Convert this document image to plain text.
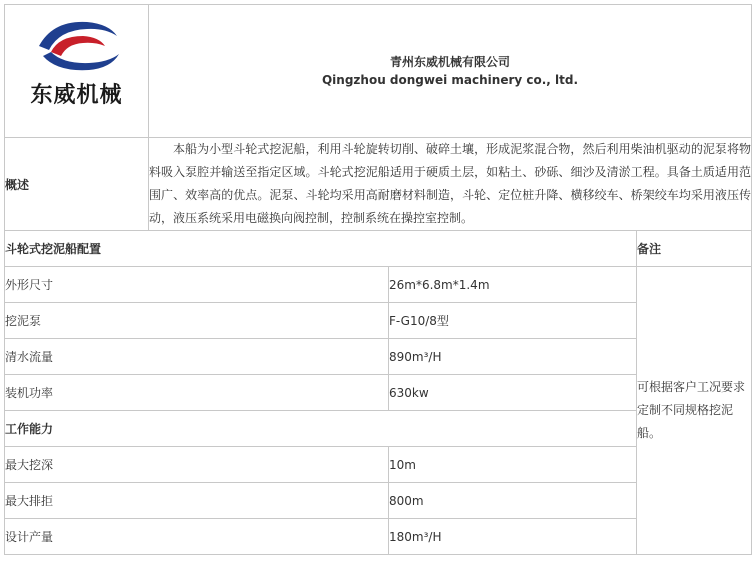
东威机械	青州东威机械有限公司
Qingzhou dongwei machinery co., ltd.		

概述	本船为小型斗轮式挖泥船，利用斗轮旋转切削、破碎土壤，形成泥浆混合物，然后利用柴油机驱动的泥泵将物料吸入泵腔并输送至指定区域。斗轮式挖泥船适用于硬质土层，如粘土、砂砾、细沙及清淤工程。具备土质适用范围广、效率高的优点。泥泵、斗轮均采用高耐磨材料制造，斗轮、定位桩升降、横移绞车、桥架绞车均采用液压传动，液压系统采用电磁换向阀控制，控制系统在操控室控制。		
斗轮式挖泥船配置			备注
外形尺寸		26m*6.8m*1.4m	可根据客户工况要求定制不同规格挖泥船。
挖泥泵		F-G10/8型	
清水流量		890m³/H	
装机功率		630kw	
工作能力			
最大挖深		10m	
最大排拒		800m	
设计产量		180m³/H	
